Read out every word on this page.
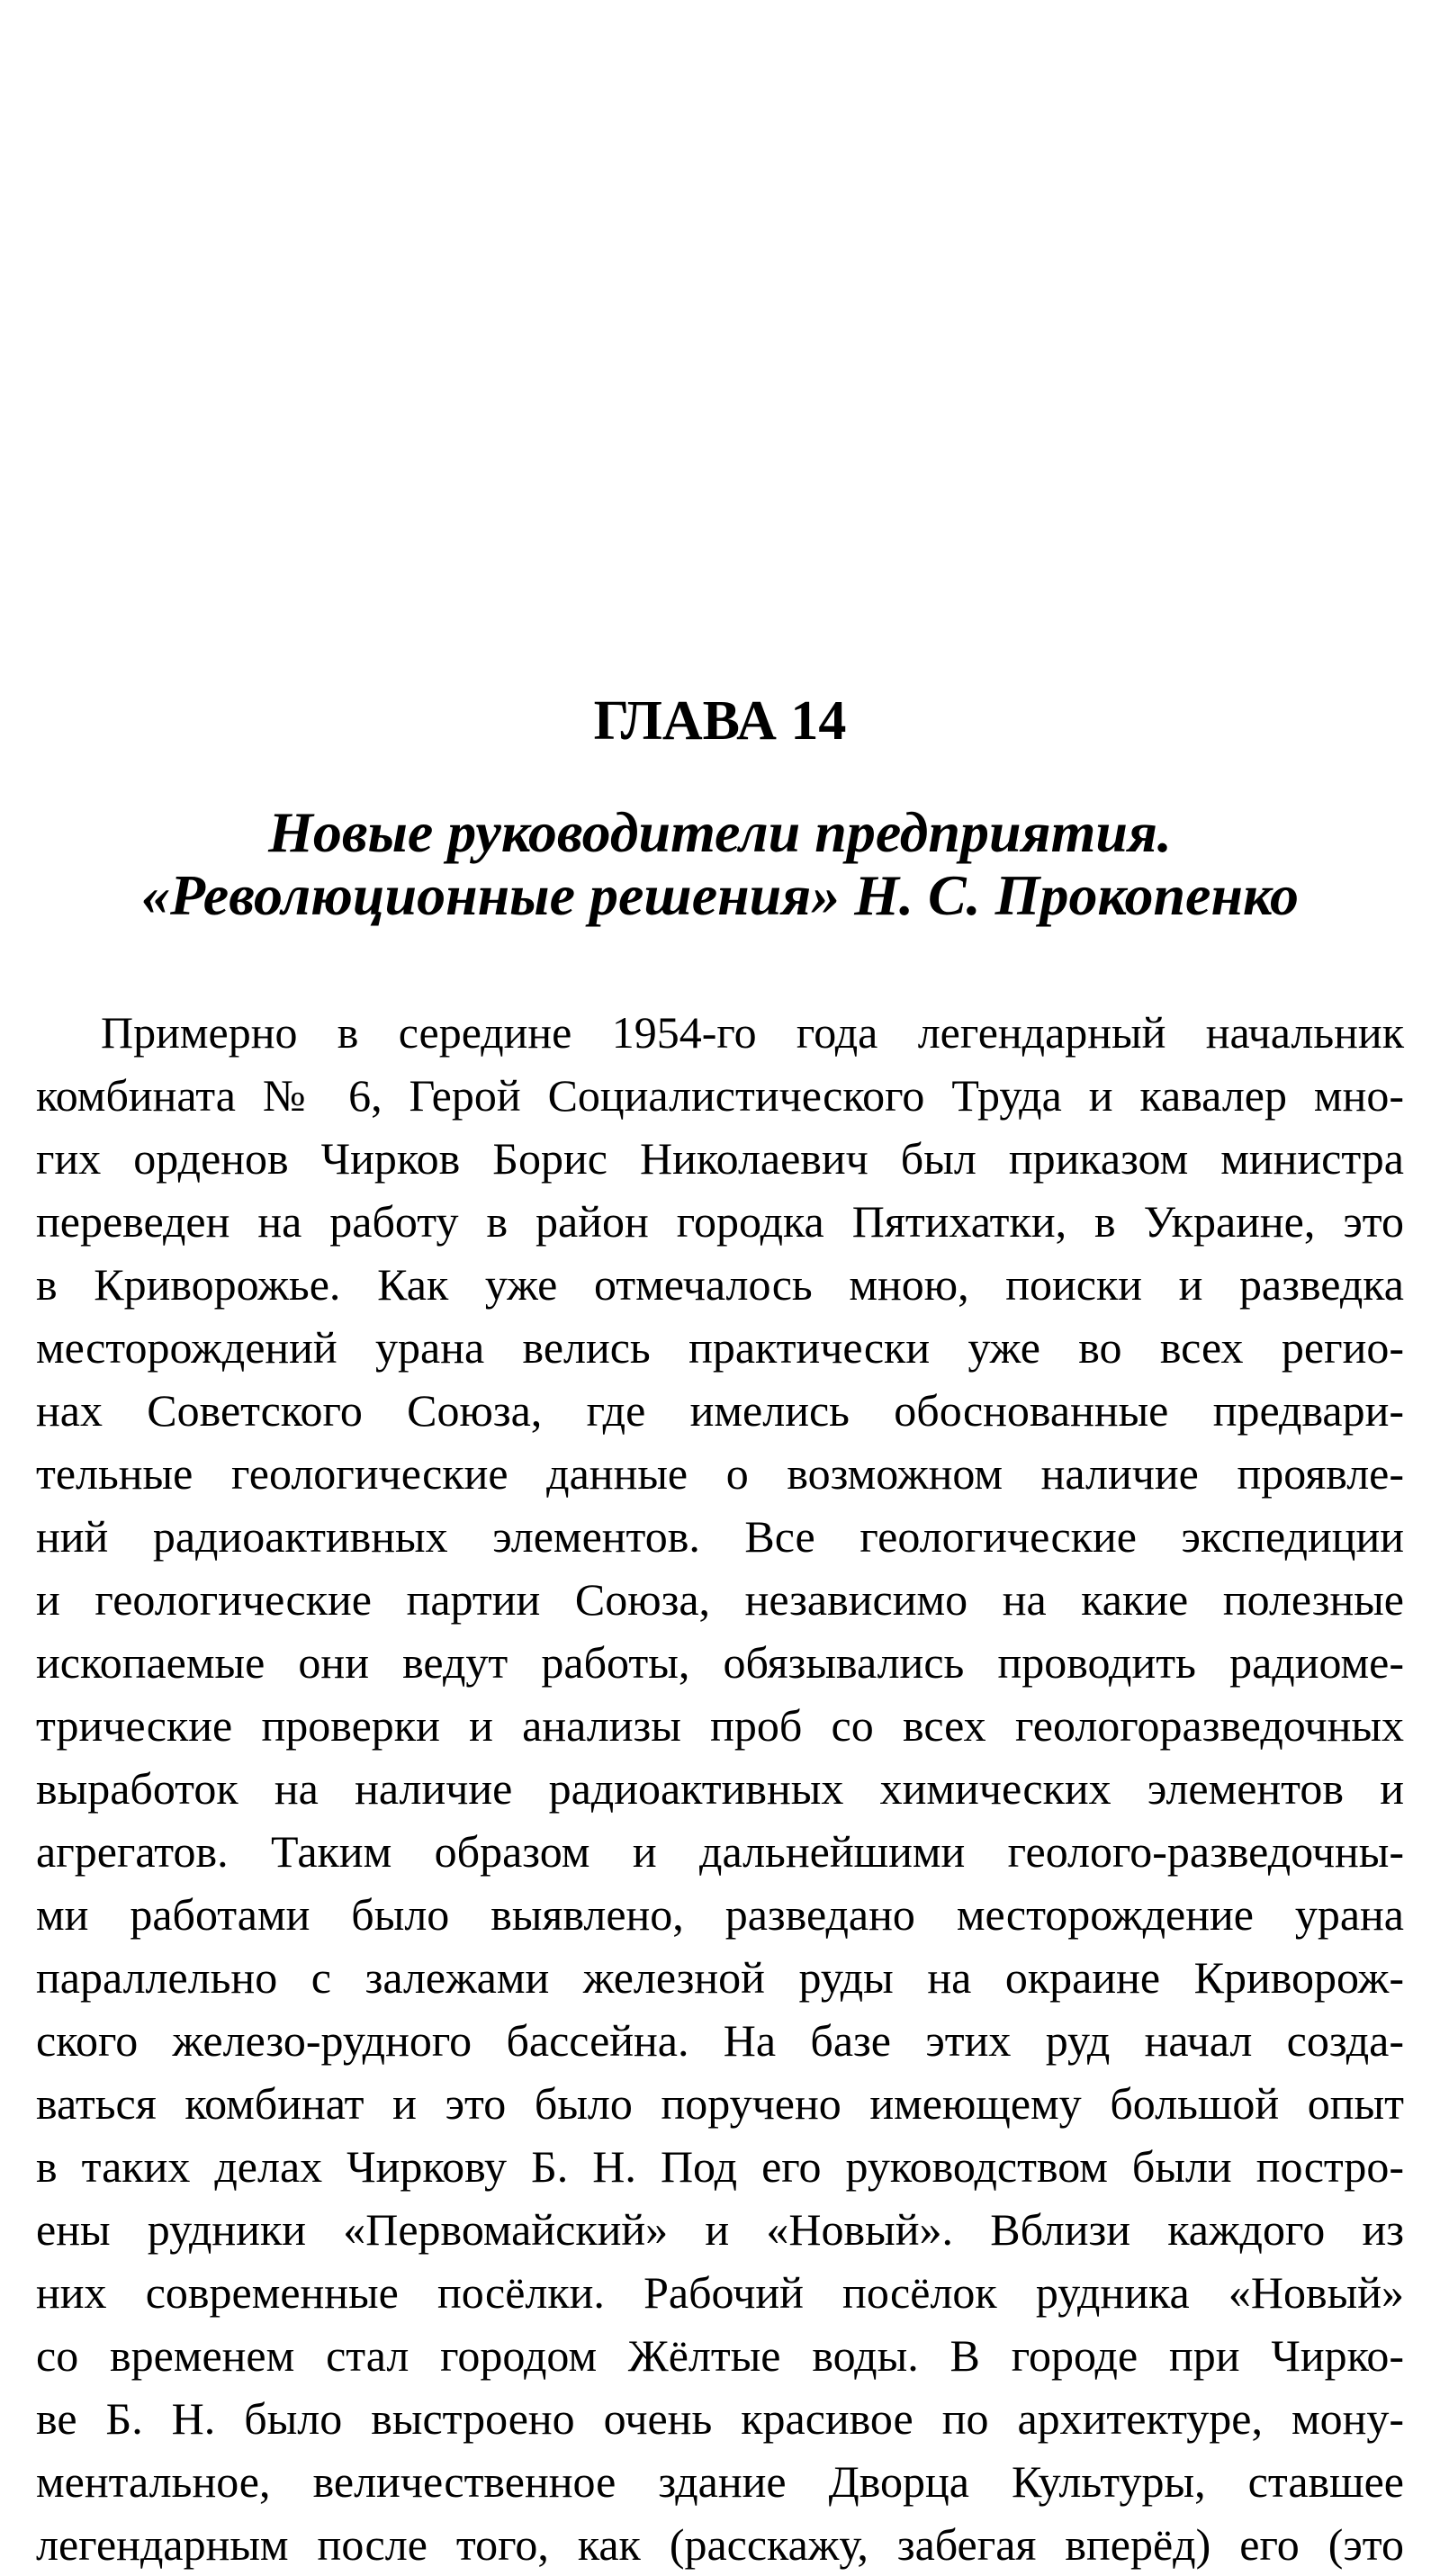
ГЛАВА 14
Новые руководители предприятия.
«Революционные решения» Н. С. Прокопенко
Примерно в середине 1954-го года легендарный начальник
комбината № 6, Герой Социалистического Труда и кавалер мно-
гих орденов Чирков Борис Николаевич был приказом министра
переведен на работу в район городка Пятихатки, в Украине, это
в Криворожье. Как уже отмечалось мною, поиски и разведка
месторождений урана велись практически уже во всех регио-
нах Советского Союза, где имелись обоснованные предвари-
тельные геологические данные о возможном наличие проявле-
ний радиоактивных элементов. Все геологические экспедиции
и геологические партии Союза, независимо на какие полезные
ископаемые они ведут работы, обязывались проводить радиоме-
трические проверки и анализы проб со всех геологоразведочных
выработок на наличие радиоактивных химических элементов и
агрегатов. Таким образом и дальнейшими геолого-разведочны-
ми работами было выявлено, разведано месторождение урана
параллельно с залежами железной руды на окраине Криворож-
ского железо-рудного бассейна. На базе этих руд начал созда-
ваться комбинат и это было поручено имеющему большой опыт
в таких делах Чиркову Б. Н. Под его руководством были постро-
ены рудники «Первомайский» и «Новый». Вблизи каждого из
них современные посёлки. Рабочий посёлок рудника «Новый»
со временем стал городом Жёлтые воды. В городе при Чирко-
ве Б. Н. было выстроено очень красивое по архитектуре, мону-
ментальное, величественное здание Дворца Культуры, ставшее
легендарным после того, как (расскажу, забегая вперёд) его (это
